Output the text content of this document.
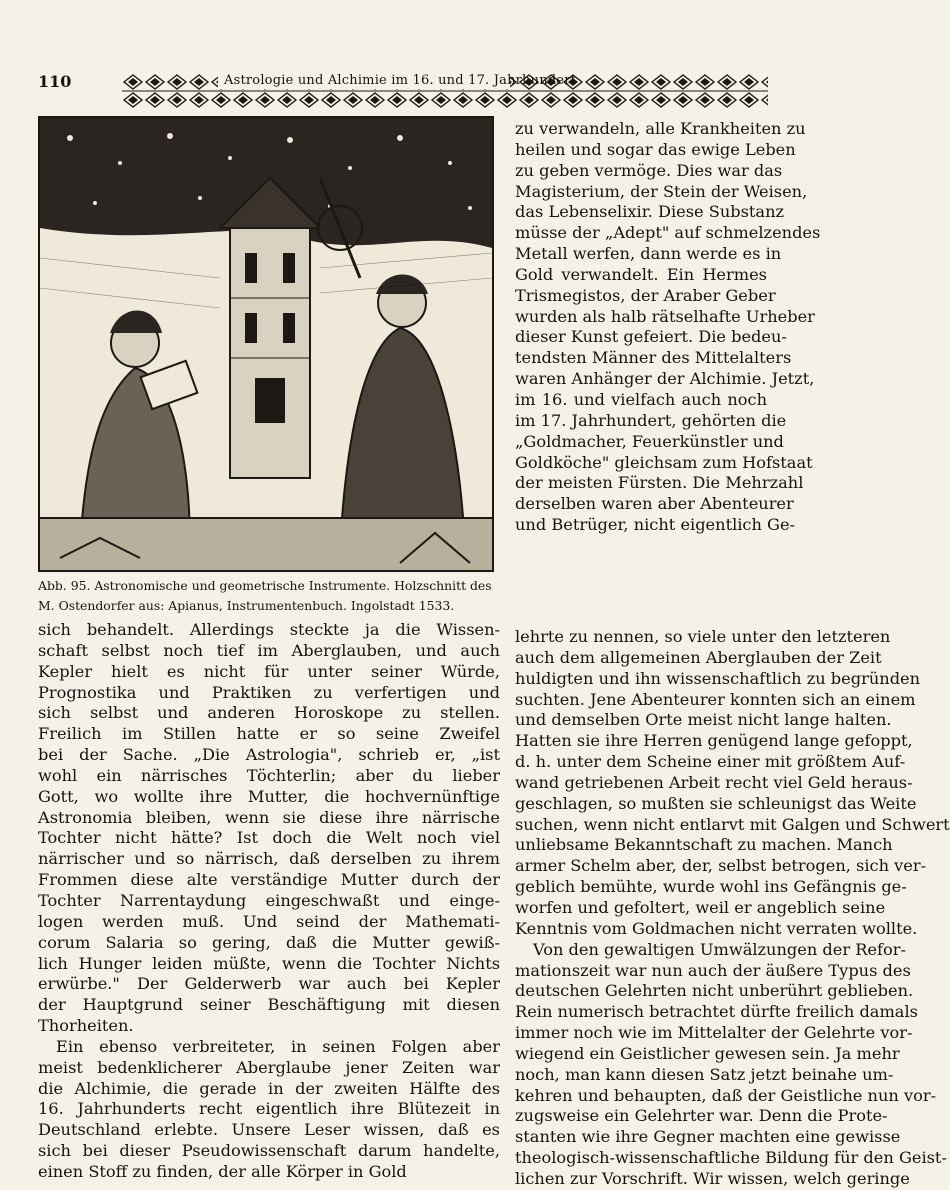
110	Astrologie und Alchimie im 16. und 17. Jahrhundert
Abb. 95. Astronomische und geometrische Instrumente. Holzschnitt des
M. Ostendorfer aus: Apianus, Instrumentenbuch. Ingolstadt 1533.
zu verwandeln, alle Krankheiten zu
heilen und sogar das ewige Leben
zu geben vermöge. Dies war das
Magisterium, der Stein der Weisen,
das Lebenselixir. Diese Substanz
müsse der „Adept" auf schmelzendes
Metall werfen, dann werde es in
Gold verwandelt. Ein Hermes
Trismegistos, der Araber Geber
wurden als halb rätselhafte Urheber
dieser Kunst gefeiert. Die bedeu-
tendsten Männer des Mittelalters
waren Anhänger der Alchimie. Jetzt,
im 16. und vielfach auch noch
im 17. Jahrhundert, gehörten die
„Goldmacher, Feuerkünstler und
Goldköche" gleichsam zum Hofstaat
der meisten Fürsten. Die Mehrzahl
derselben waren aber Abenteurer
und Betrüger, nicht eigentlich Ge-
sich behandelt. Allerdings steckte ja die Wissen-
schaft selbst noch tief im Aberglauben, und auch
Kepler hielt es nicht für unter seiner Würde,
Prognostika und Praktiken zu verfertigen und
sich selbst und anderen Horoskope zu stellen.
Freilich im Stillen hatte er so seine Zweifel
bei der Sache. „Die Astrologia", schrieb er, „ist
wohl ein närrisches Töchterlin; aber du lieber
Gott, wo wollte ihre Mutter, die hochvernünftige
Astronomia bleiben, wenn sie diese ihre närrische
Tochter nicht hätte? Ist doch die Welt noch viel
närrischer und so närrisch, daß derselben zu ihrem
Frommen diese alte verständige Mutter durch der
Tochter Narrentaydung eingeschwaßt und einge-
logen werden muß. Und seind der Mathemati-
corum Salaria so gering, daß die Mutter gewiß-
lich Hunger leiden müßte, wenn die Tochter Nichts
erwürbe." Der Gelderwerb war auch bei Kepler
der Hauptgrund seiner Beschäftigung mit diesen
Thorheiten.
Ein ebenso verbreiteter, in seinen Folgen aber
meist bedenklicherer Aberglaube jener Zeiten war
die Alchimie, die gerade in der zweiten Hälfte des
16. Jahrhunderts recht eigentlich ihre Blütezeit in
Deutschland erlebte. Unsere Leser wissen, daß es
sich bei dieser Pseudowissenschaft darum handelte,
einen Stoff zu finden, der alle Körper in Gold
lehrte zu nennen, so viele unter den letzteren
auch dem allgemeinen Aberglauben der Zeit
huldigten und ihn wissenschaftlich zu begründen
suchten. Jene Abenteurer konnten sich an einem
und demselben Orte meist nicht lange halten.
Hatten sie ihre Herren genügend lange gefoppt,
d. h. unter dem Scheine einer mit größtem Auf-
wand getriebenen Arbeit recht viel Geld heraus-
geschlagen, so mußten sie schleunigst das Weite
suchen, wenn nicht entlarvt mit Galgen und Schwert
unliebsame Bekanntschaft zu machen. Manch
armer Schelm aber, der, selbst betrogen, sich ver-
geblich bemühte, wurde wohl ins Gefängnis ge-
worfen und gefoltert, weil er angeblich seine
Kenntnis vom Goldmachen nicht verraten wollte.
Von den gewaltigen Umwälzungen der Refor-
mationszeit war nun auch der äußere Typus des
deutschen Gelehrten nicht unberührt geblieben.
Rein numerisch betrachtet dürfte freilich damals
immer noch wie im Mittelalter der Gelehrte vor-
wiegend ein Geistlicher gewesen sein. Ja mehr
noch, man kann diesen Satz jetzt beinahe um-
kehren und behaupten, daß der Geistliche nun vor-
zugsweise ein Gelehrter war. Denn die Prote-
stanten wie ihre Gegner machten eine gewisse
theologisch-wissenschaftliche Bildung für den Geist-
lichen zur Vorschrift. Wir wissen, welch geringe
